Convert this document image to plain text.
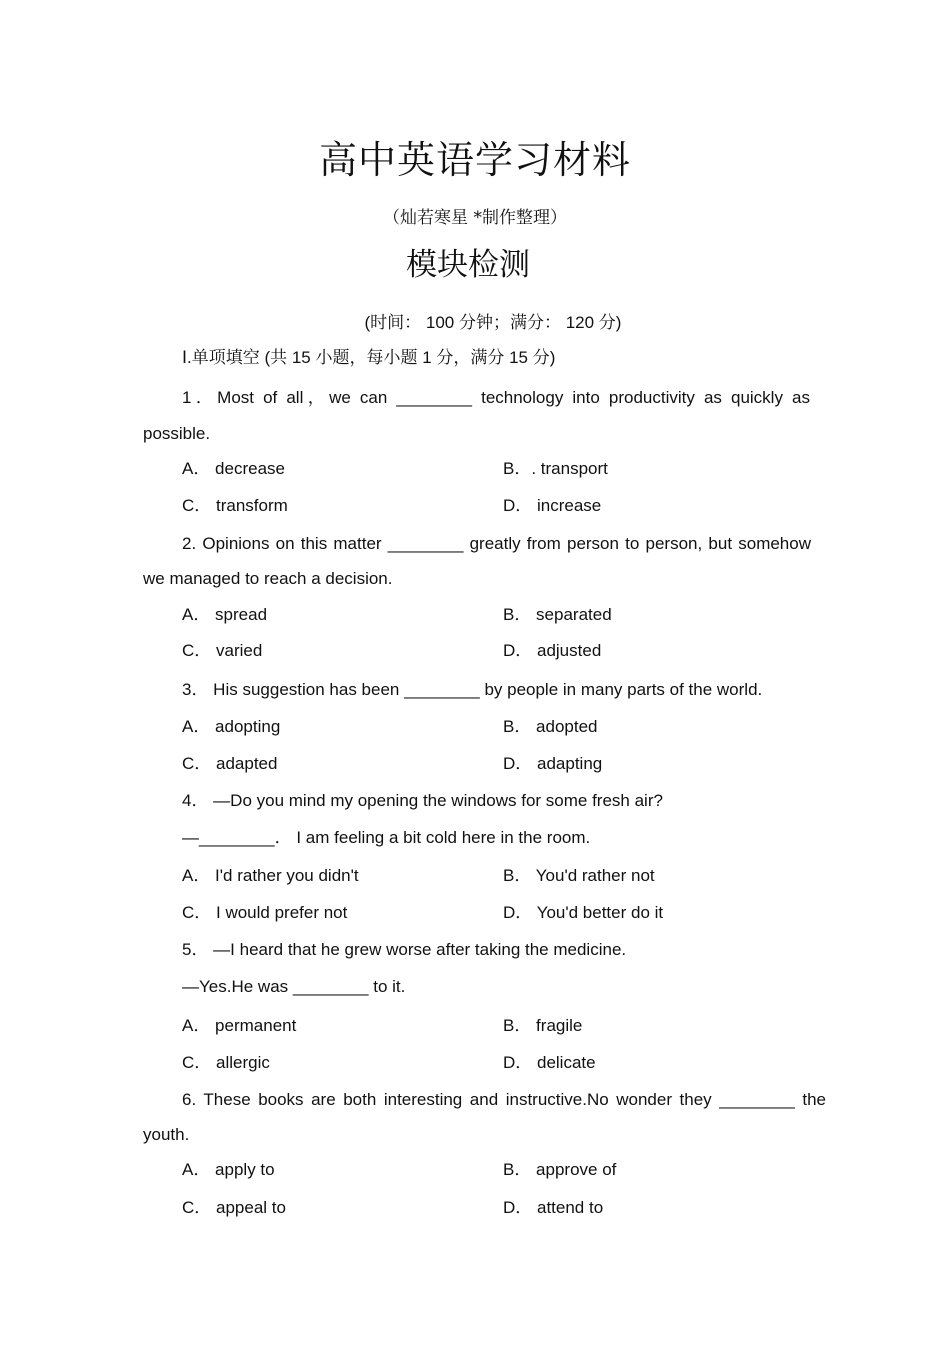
高中英语学习材料
（灿若寒星 *制作整理）
模块检测
(时间： 100 分钟；满分： 120 分)
Ⅰ.单项填空 (共 15 小题，每小题 1 分，满分 15 分)
1．Most of all，we can ________ technology into productivity as quickly as
possible.
A． decrease	B．. transport
C． transform	D． increase
2. Opinions on this matter ________ greatly from person to person, but somehow
we managed to reach a decision.
A． spread	B． separated
C． varied	D． adjusted
3． His suggestion has been ________ by people in many parts of the world.
A． adopting	B． adopted
C． adapted	D． adapting
4． —Do you mind my opening the windows for some fresh air?
—________． I am feeling a bit cold here in the room.
A． I'd rather you didn't	B． You'd rather not
C． I would prefer not	D． You'd better do it
5． —I heard that he grew worse after taking the medicine.
—Yes.He was ________ to it.
A． permanent	B． fragile
C． allergic	D． delicate
6. These books are both interesting and instructive.No wonder they ________ the
youth.
A． apply to	B． approve of
C． appeal to	D． attend to
